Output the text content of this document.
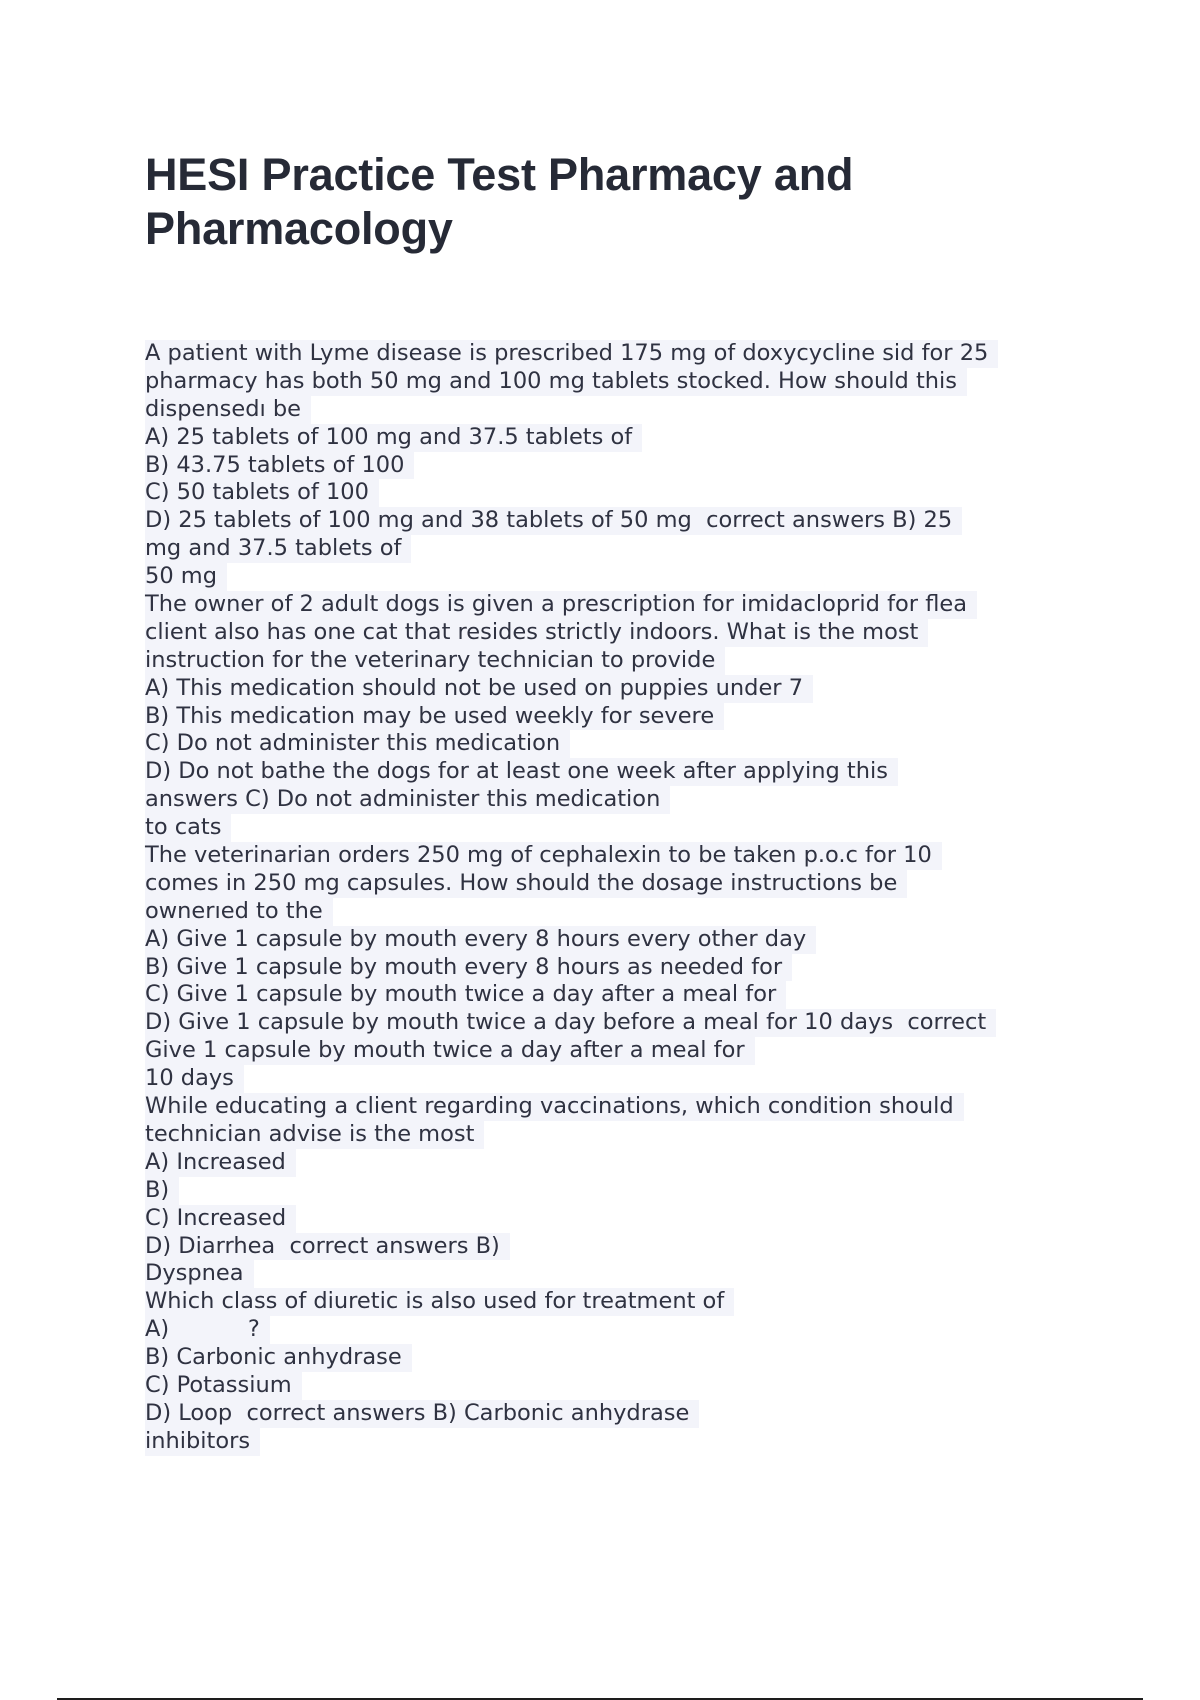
HESI Practice Test Pharmacy and
Pharmacology
A patient with Lyme disease is prescribed 175 mg of doxycycline sid for 25
pharmacy has both 50 mg and 100 mg tablets stocked. How should this
dispensedı be
A) 25 tablets of 100 mg and 37.5 tablets of
B) 43.75 tablets of 100
C) 50 tablets of 100
D) 25 tablets of 100 mg and 38 tablets of 50 mg  correct answers B) 25
mg and 37.5 tablets of
50 mg
The owner of 2 adult dogs is given a prescription for imidacloprid for flea
client also has one cat that resides strictly indoors. What is the most
instruction for the veterinary technician to provide
A) This medication should not be used on puppies under 7
B) This medication may be used weekly for severe
C) Do not administer this medication
D) Do not bathe the dogs for at least one week after applying this
answers C) Do not administer this medication
to cats
The veterinarian orders 250 mg of cephalexin to be taken p.o.c for 10
comes in 250 mg capsules. How should the dosage instructions be
ownerıed to the
A) Give 1 capsule by mouth every 8 hours every other day
B) Give 1 capsule by mouth every 8 hours as needed for
C) Give 1 capsule by mouth twice a day after a meal for
D) Give 1 capsule by mouth twice a day before a meal for 10 days  correct
Give 1 capsule by mouth twice a day after a meal for
10 days
While educating a client regarding vaccinations, which condition should
technician advise is the most
A) Increased
B)
C) Increased
D) Diarrhea  correct answers B)
Dyspnea
Which class of diuretic is also used for treatment of
A)           ?
B) Carbonic anhydrase
C) Potassium
D) Loop  correct answers B) Carbonic anhydrase
inhibitors
